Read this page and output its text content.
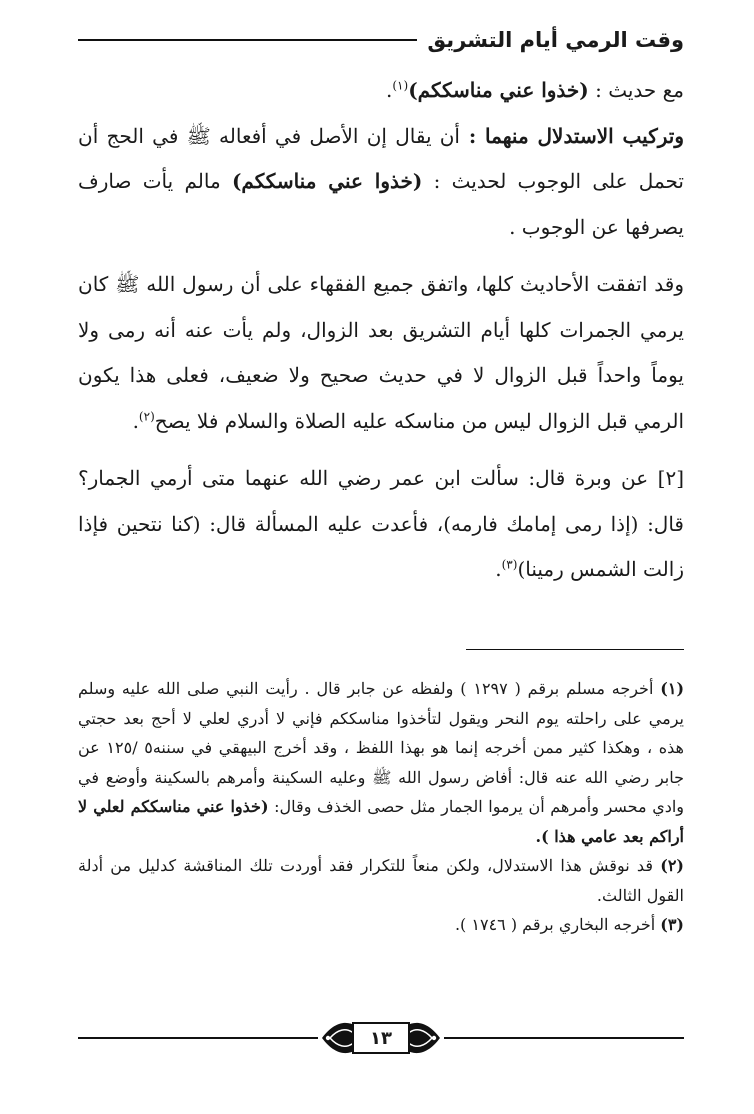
وقت الرمي أيام التشريق

مع حديث : (خذوا عني مناسككم)$^{(١)}$.

وتركيب الاستدلال منهما : أن يقال إن الأصل في أفعاله ﷺ في الحج أن تحمل على الوجوب لحديث : (خذوا عني مناسككم) مالم يأت صارف يصرفها عن الوجوب .

وقد اتفقت الأحاديث كلها، واتفق جميع الفقهاء على أن رسول الله ﷺ كان يرمي الجمرات كلها أيام التشريق بعد الزوال، ولم يأت عنه أنه رمى ولا يوماً واحداً قبل الزوال لا في حديث صحيح ولا ضعيف، فعلى هذا يكون الرمي قبل الزوال ليس من مناسكه عليه الصلاة والسلام فلا يصح$^{(٢)}$.

[٢] عن وبرة قال: سألت ابن عمر رضي الله عنهما متى أرمي الجمار؟ قال: (إذا رمى إمامك فارمه)، فأعدت عليه المسألة قال: (كنا نتحين فإذا زالت الشمس رمينا)$^{(٣)}$.

(١) أخرجه مسلم برقم ( ١٢٩٧ ) ولفظه عن جابر قال . رأيت النبي صلى الله عليه وسلم يرمي على راحلته يوم النحر ويقول لتأخذوا مناسككم فإني لا أدري لعلي لا أحج بعد حجتي هذه ، وهكذا كثير ممن أخرجه إنما هو بهذا اللفظ ، وقد أخرج البيهقي في سننه٥ /١٢٥ عن جابر رضي الله عنه قال: أفاض رسول الله ﷺ وعليه السكينة وأمرهم بالسكينة وأوضع في وادي محسر وأمرهم أن يرموا الجمار مثل حصى الخذف وقال: (خذوا عني مناسككم لعلي لا أراكم بعد عامي هذا ).

(٢) قد نوقش هذا الاستدلال، ولكن منعاً للتكرار فقد أوردت تلك المناقشة كدليل من أدلة القول الثالث.

(٣) أخرجه البخاري برقم ( ١٧٤٦ ).

١٣
